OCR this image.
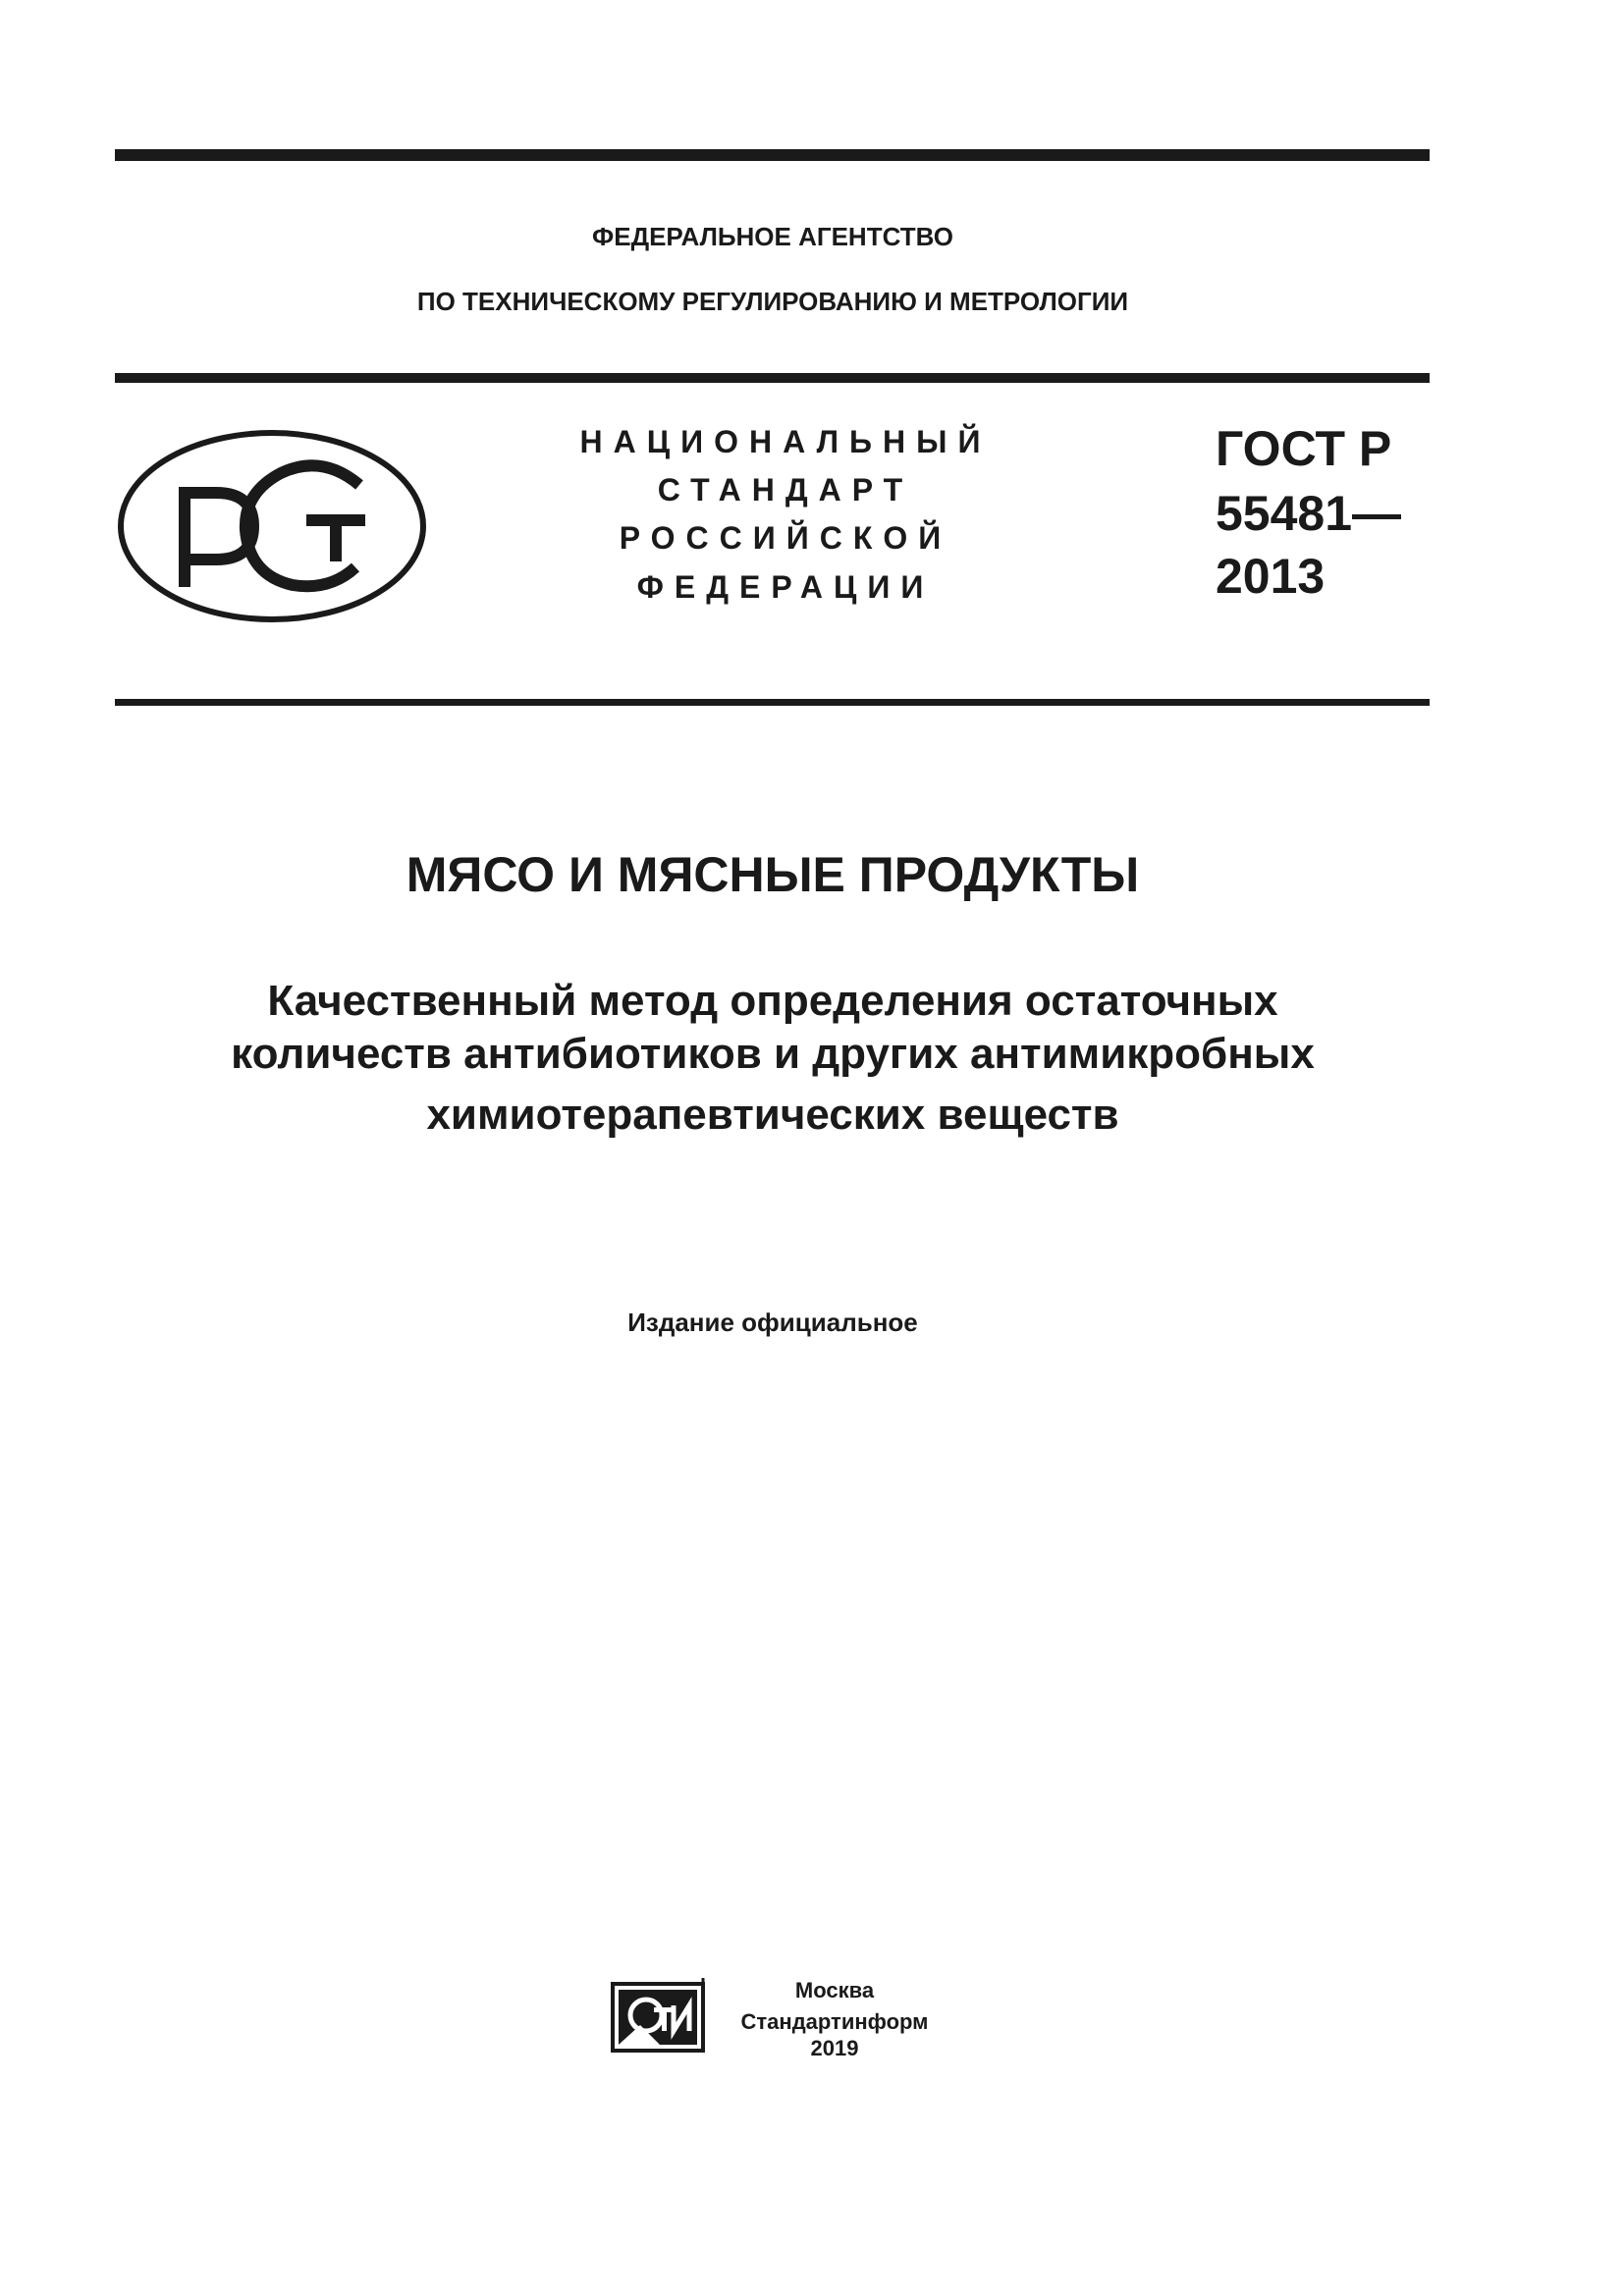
ФЕДЕРАЛЬНОЕ АГЕНТСТВО
ПО ТЕХНИЧЕСКОМУ РЕГУЛИРОВАНИЮ И МЕТРОЛОГИИ
НАЦИОНАЛЬНЫЙ
СТАНДАРТ
РОССИЙСКОЙ
ФЕДЕРАЦИИ
ГОСТ Р
55481—
2013
МЯСО И МЯСНЫЕ ПРОДУКТЫ
Качественный метод определения остаточных
количеств антибиотиков и других антимикробных
химиотерапевтических веществ
Издание официальное
Москва
Стандартинформ
2019
